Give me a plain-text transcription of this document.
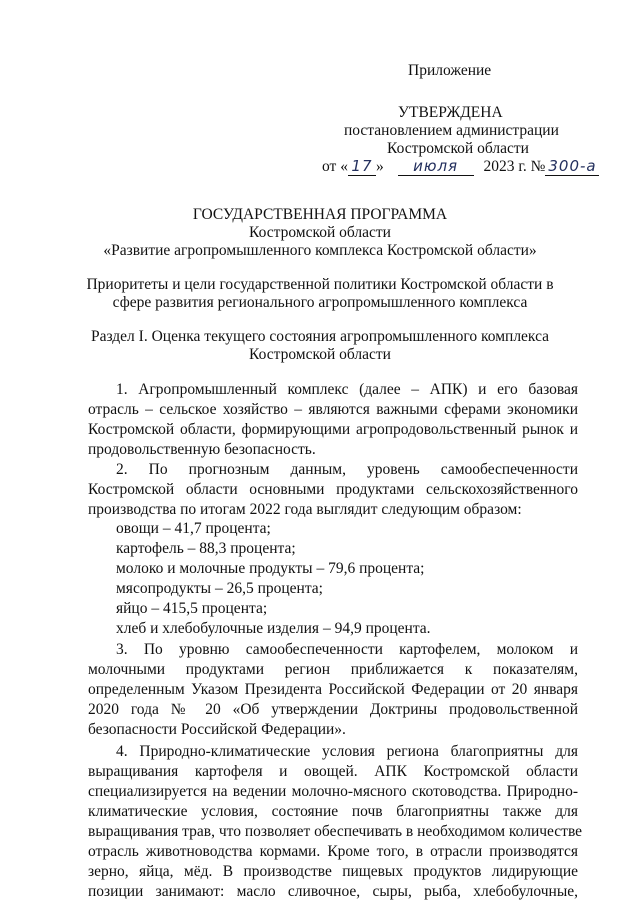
Приложение
УТВЕРЖДЕНА
постановлением администрации
Костромской области
от « 17 » июля 2023 г. № 300-а
ГОСУДАРСТВЕННАЯ ПРОГРАММА
Костромской области
«Развитие агропромышленного комплекса Костромской области»
Приоритеты и цели государственной политики Костромской области в
сфере развития регионального агропромышленного комплекса
Раздел I. Оценка текущего состояния агропромышленного комплекса
Костромской области
1. Агропромышленный комплекс (далее – АПК) и его базовая
отрасль – сельское хозяйство – являются важными сферами экономики
Костромской области, формирующими агропродовольственный рынок и
продовольственную безопасность.
2. По прогнозным данным, уровень самообеспеченности
Костромской области основными продуктами сельскохозяйственного
производства по итогам 2022 года выглядит следующим образом:
овощи – 41,7 процента;
картофель – 88,3 процента;
молоко и молочные продукты – 79,6 процента;
мясопродукты – 26,5 процента;
яйцо – 415,5 процента;
хлеб и хлебобулочные изделия – 94,9 процента.
3. По уровню самообеспеченности картофелем, молоком и
молочными продуктами регион приближается к показателям,
определенным Указом Президента Российской Федерации от 20 января
2020 года № 20 «Об утверждении Доктрины продовольственной
безопасности Российской Федерации».
4. Природно-климатические условия региона благоприятны для
выращивания картофеля и овощей. АПК Костромской области
специализируется на ведении молочно-мясного скотоводства. Природно-
климатические условия, состояние почв благоприятны также для
выращивания трав, что позволяет обеспечивать в необходимом количестве
отрасль животноводства кормами. Кроме того, в отрасли производятся
зерно, яйца, мёд. В производстве пищевых продуктов лидирующие
позиции занимают: масло сливочное, сыры, рыба, хлебобулочные,
